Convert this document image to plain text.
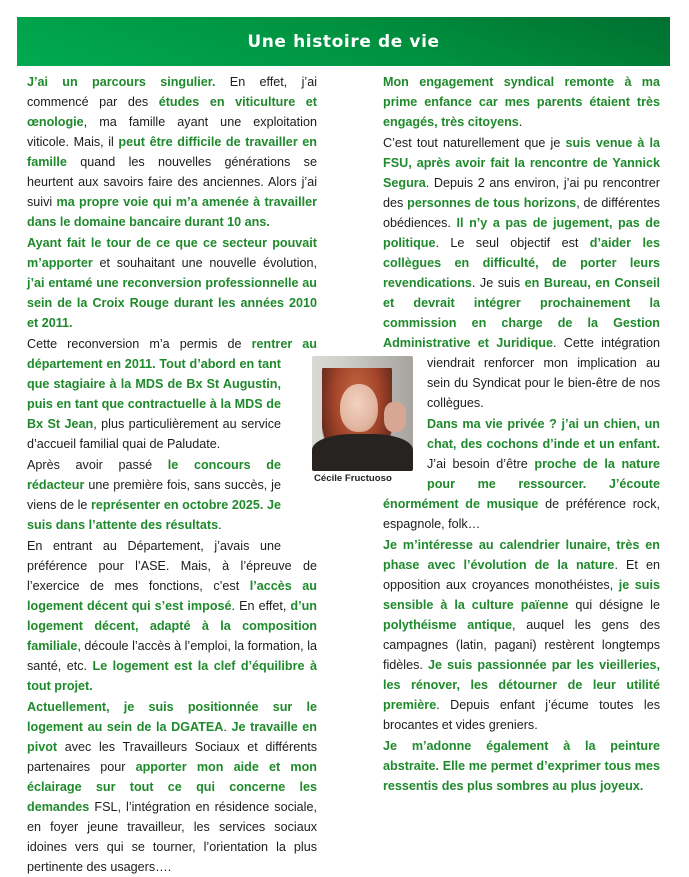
Une histoire de vie

J’ai un parcours singulier. En effet, j’ai commencé par des études en viticulture et œnologie, ma famille ayant une exploitation viticole. Mais, il peut être difficile de travailler en famille quand les nouvelles générations se heurtent aux savoirs faire des anciennes. Alors j’ai suivi ma propre voie qui m’a amenée à travailler dans le domaine bancaire durant 10 ans.

Ayant fait le tour de ce que ce secteur pouvait m’apporter et souhaitant une nouvelle évolution, j’ai entamé une reconversion professionnelle au sein de la Croix Rouge durant les années 2010 et 2011.

Cette reconversion m’a permis de rentrer au département en 2011. Tout d’abord en tant que stagiaire à la MDS de Bx St Augustin, puis en tant que contractuelle à la MDS de Bx St Jean, plus particulièrement au service d’accueil familial quai de Paludate.

Après avoir passé le concours de rédacteur une première fois, sans succès, je viens de le représenter en octobre 2025. Je suis dans l’attente des résultats.

En entrant au Département, j’avais une préférence pour l’ASE. Mais, à l’épreuve de l’exercice de mes fonctions, c’est l’accès au logement décent qui s’est imposé. En effet, d’un logement décent, adapté à la composition familiale, découle l’accès à l’emploi, la formation, la santé, etc. Le logement est la clef d’équilibre à tout projet.

Actuellement, je suis positionnée sur le logement au sein de la DGATEA. Je travaille en pivot avec les Travailleurs Sociaux et différents partenaires pour apporter mon aide et mon éclairage sur tout ce qui concerne les demandes FSL, l’intégration en résidence sociale, en foyer jeune travailleur, les services sociaux idoines vers qui se tourner, l’orientation la plus pertinente des usagers….

Mon engagement syndical remonte à ma prime enfance car mes parents étaient très engagés, très citoyens.

C’est tout naturellement que je suis venue à la FSU, après avoir fait la rencontre de Yannick Segura. Depuis 2 ans environ, j’ai pu rencontrer des personnes de tous horizons, de différentes obédiences. Il n’y a pas de jugement, pas de politique. Le seul objectif est d’aider les collègues en difficulté, de porter leurs revendications. Je suis en Bureau, en Conseil et devrait intégrer prochainement la commission en charge de la Gestion Administrative et Juridique. Cette intégration viendrait renforcer mon implication au sein du Syndicat pour le bien-être de nos collègues.

Dans ma vie privée ? j’ai un chien, un chat, des cochons d’inde et un enfant. J’ai besoin d’être proche de la nature pour me ressourcer. J’écoute énormément de musique de préférence rock, espagnole, folk…

Je m’intéresse au calendrier lunaire, très en phase avec l’évolution de la nature. Et en opposition aux croyances monothéistes, je suis sensible à la culture païenne qui désigne le polythéisme antique, auquel les gens des campagnes (latin, pagani) restèrent longtemps fidèles. Je suis passionnée par les vieilleries, les rénover, les détourner de leur utilité première. Depuis enfant j’écume toutes les brocantes et vides greniers.

Je m’adonne également à la peinture abstraite. Elle me permet d’exprimer tous mes ressentis des plus sombres au plus joyeux.

Cécile Fructuoso
